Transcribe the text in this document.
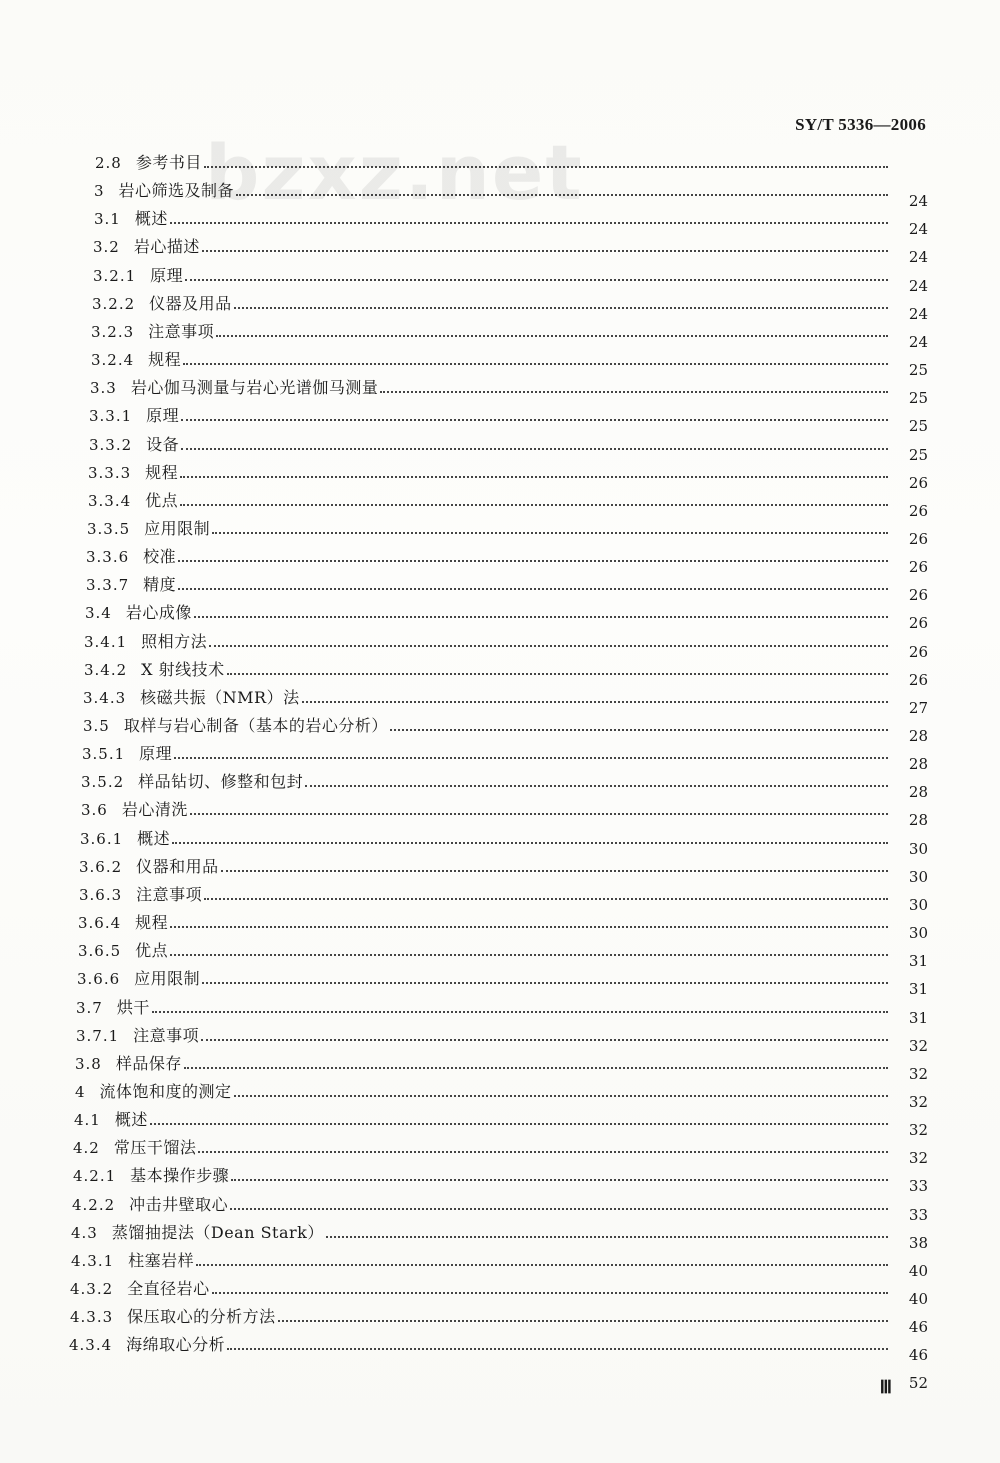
bzxz.net
SY/T 5336—2006
2.8 参考书目
3 岩心筛选及制备
24
3.1 概述
24
3.2 岩心描述
24
3.2.1 原理
24
3.2.2 仪器及用品
24
3.2.3 注意事项
24
3.2.4 规程
25
3.3 岩心伽马测量与岩心光谱伽马测量
25
3.3.1 原理
25
3.3.2 设备
25
3.3.3 规程
26
3.3.4 优点
26
3.3.5 应用限制
26
3.3.6 校准
26
3.3.7 精度
26
3.4 岩心成像
26
3.4.1 照相方法
26
3.4.2 X 射线技术
26
3.4.3 核磁共振（NMR）法
27
3.5 取样与岩心制备（基本的岩心分析）
28
3.5.1 原理
28
3.5.2 样品钻切、修整和包封
28
3.6 岩心清洗
28
3.6.1 概述
30
3.6.2 仪器和用品
30
3.6.3 注意事项
30
3.6.4 规程
30
3.6.5 优点
31
3.6.6 应用限制
31
3.7 烘干
31
3.7.1 注意事项
32
3.8 样品保存
32
4 流体饱和度的测定
32
4.1 概述
32
4.2 常压干馏法
32
4.2.1 基本操作步骤
33
4.2.2 冲击井壁取心
33
4.3 蒸馏抽提法（Dean Stark）
38
4.3.1 柱塞岩样
40
4.3.2 全直径岩心
40
4.3.3 保压取心的分析方法
46
4.3.4 海绵取心分析
46
52
Ⅲ
